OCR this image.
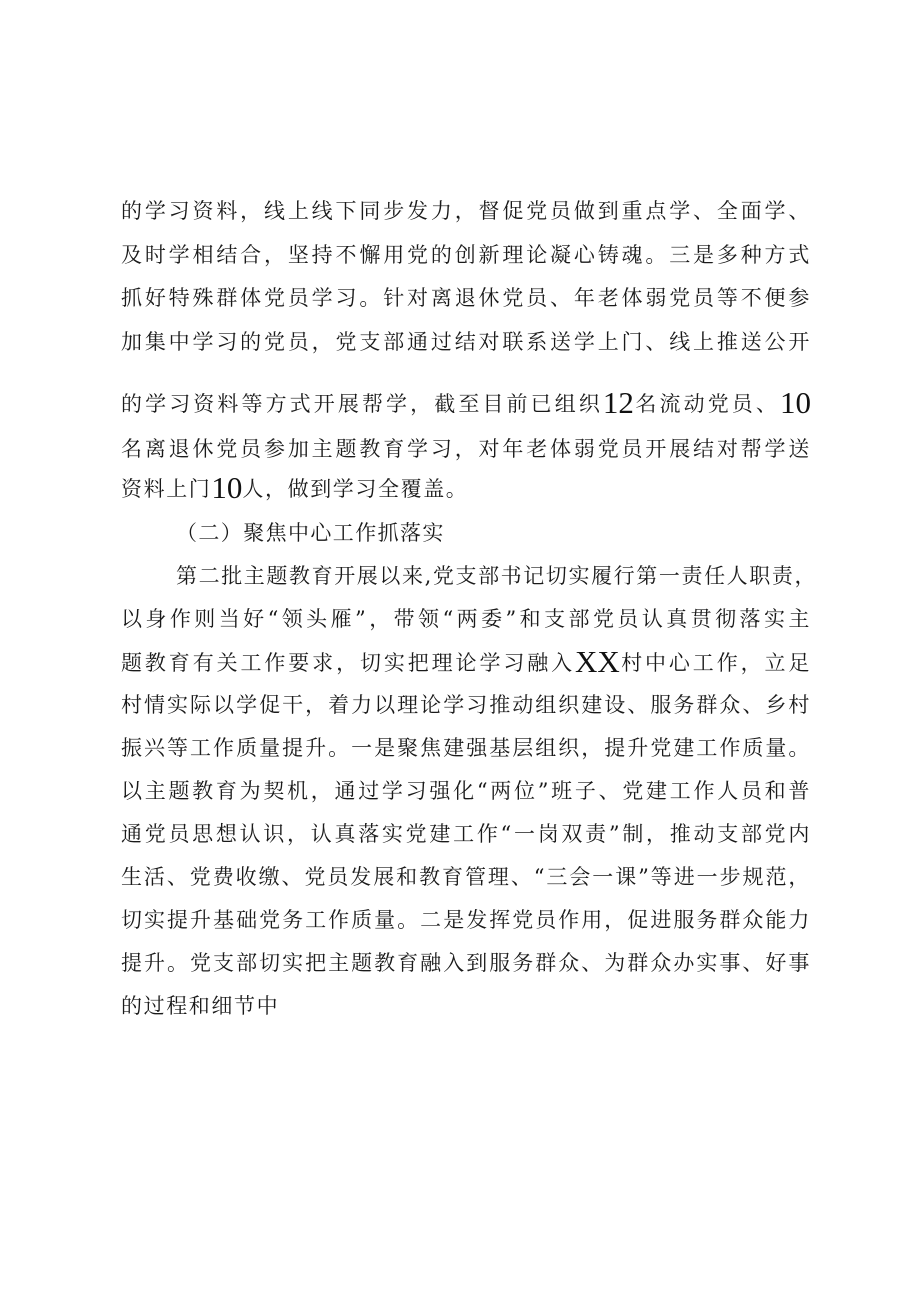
的学习资料，线上线下同步发力，督促党员做到重点学、全面学、
及时学相结合，坚持不懈用党的创新理论凝心铸魂。三是多种方式
抓好特殊群体党员学习。针对离退休党员、年老体弱党员等不便参
加集中学习的党员，党支部通过结对联系送学上门、线上推送公开
的学习资料等方式开展帮学，截至目前已组织12名流动党员、10
名离退休党员参加主题教育学习，对年老体弱党员开展结对帮学送
资料上门10人，做到学习全覆盖。
（二）聚焦中心工作抓落实
第二批主题教育开展以来,党支部书记切实履行第一责任人职责，
以身作则当好“领头雁”，带领“两委”和支部党员认真贯彻落实主
题教育有关工作要求，切实把理论学习融入XX村中心工作，立足
村情实际以学促干，着力以理论学习推动组织建设、服务群众、乡村
振兴等工作质量提升。一是聚焦建强基层组织，提升党建工作质量。
以主题教育为契机，通过学习强化“两位”班子、党建工作人员和普
通党员思想认识，认真落实党建工作“一岗双责”制，推动支部党内
生活、党费收缴、党员发展和教育管理、“三会一课”等进一步规范，
切实提升基础党务工作质量。二是发挥党员作用，促进服务群众能力
提升。党支部切实把主题教育融入到服务群众、为群众办实事、好事
的过程和细节中
